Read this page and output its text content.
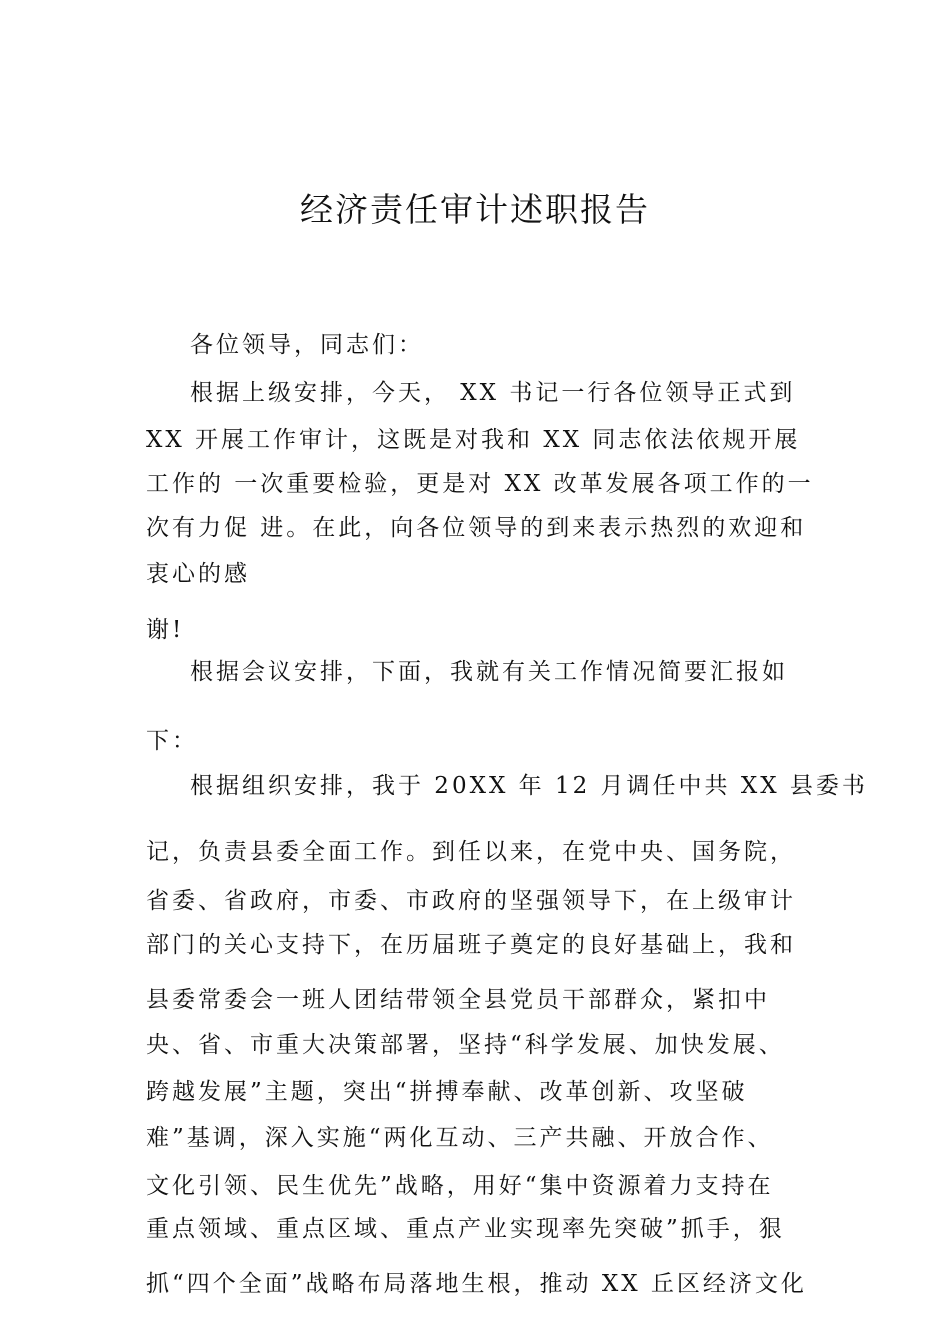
经济责任审计述职报告
各位领导，同志们：
根据上级安排，今天， XX 书记一行各位领导正式到
XX 开展工作审计，这既是对我和 XX 同志依法依规开展
工作的 一次重要检验，更是对 XX 改革发展各项工作的一
次有力促 进。在此，向各位领导的到来表示热烈的欢迎和
衷心的感
谢!
根据会议安排，下面，我就有关工作情况简要汇报如
下：
根据组织安排，我于 20XX 年 12 月调任中共 XX 县委书
记，负责县委全面工作。到任以来，在党中央、国务院，
省委、省政府，市委、市政府的坚强领导下，在上级审计
部门的关心支持下，在历届班子奠定的良好基础上，我和
县委常委会一班人团结带领全县党员干部群众，紧扣中
央、省、市重大决策部署，坚持“科学发展、加快发展、
跨越发展”主题，突出“拼搏奉献、改革创新、攻坚破
难”基调，深入实施“两化互动、三产共融、开放合作、
文化引领、民生优先”战略，用好“集中资源着力支持在
重点领域、重点区域、重点产业实现率先突破”抓手，狠
抓“四个全面”战略布局落地生根，推动 XX 丘区经济文化
